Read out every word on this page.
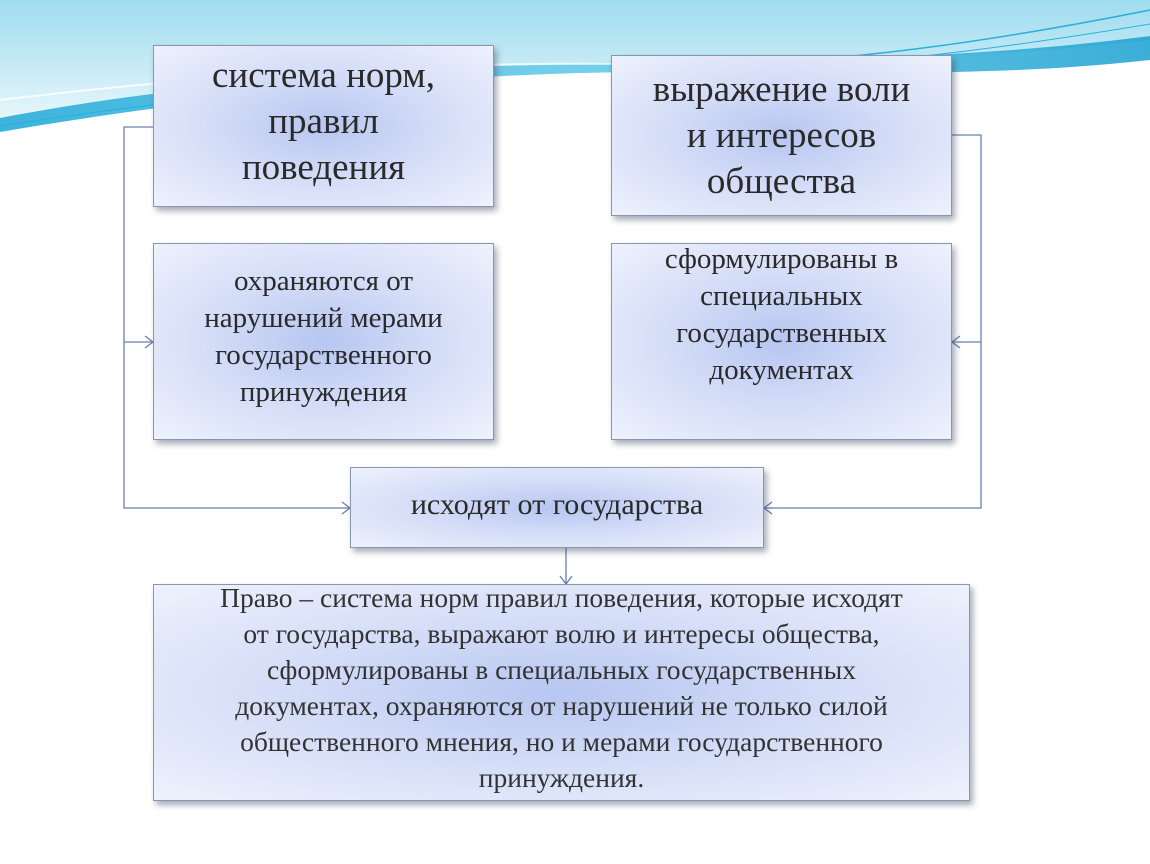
система норм,
правил
поведения
выражение воли
и интересов
общества
охраняются от
нарушений мерами
государственного
принуждения
сформулированы в
специальных
государственных
документах
исходят от государства
Право – система норм правил поведения, которые исходят
от государства, выражают волю и интересы общества,
сформулированы в специальных государственных
документах, охраняются от нарушений не только силой
общественного мнения, но и мерами государственного
принуждения.
